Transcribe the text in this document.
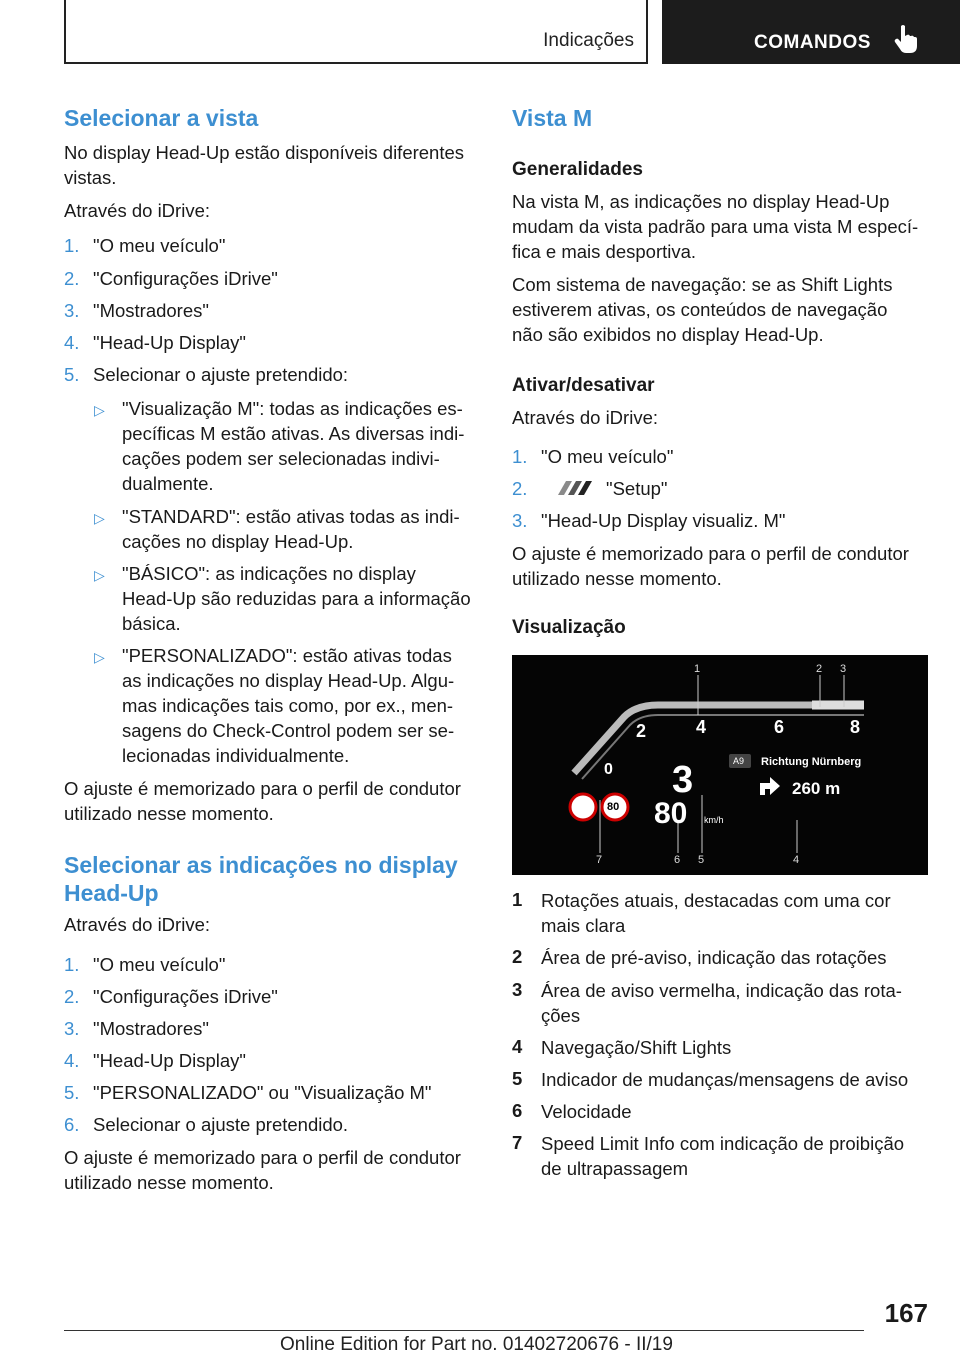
Indicações	COMANDOS
Selecionar a vista
No display Head-Up estão disponíveis diferentes
vistas.
Através do iDrive:
1. "O meu veículo"
2. "Configurações iDrive"
3. "Mostradores"
4. "Head-Up Display"
5. Selecionar o ajuste pretendido:
▷ "Visualização M": todas as indicações es-
pecíficas M estão ativas. As diversas indi-
cações podem ser selecionadas indivi-
dualmente.
▷ "STANDARD": estão ativas todas as indi-
cações no display Head-Up.
▷ "BÁSICO": as indicações no display
Head-Up são reduzidas para a informação
básica.
▷ "PERSONALIZADO": estão ativas todas
as indicações no display Head-Up. Algu-
mas indicações tais como, por ex., men-
sagens do Check-Control podem ser se-
lecionadas individualmente.
O ajuste é memorizado para o perfil de condutor
utilizado nesse momento.
Selecionar as indicações no display
Head-Up
Através do iDrive:
1. "O meu veículo"
2. "Configurações iDrive"
3. "Mostradores"
4. "Head-Up Display"
5. "PERSONALIZADO" ou "Visualização M"
6. Selecionar o ajuste pretendido.
O ajuste é memorizado para o perfil de condutor
utilizado nesse momento.
Vista M
Generalidades
Na vista M, as indicações no display Head-Up
mudam da vista padrão para uma vista M especí-
fica e mais desportiva.
Com sistema de navegação: se as Shift Lights
estiverem ativas, os conteúdos de navegação
não são exibidos no display Head-Up.
Ativar/desativar
Através do iDrive:
1. "O meu veículo"
2.	"Setup"
3. "Head-Up Display visualiz. M"
O ajuste é memorizado para o perfil de condutor
utilizado nesse momento.
Visualização
1 Rotações atuais, destacadas com uma cor
mais clara
2 Área de pré-aviso, indicação das rotações
3 Área de aviso vermelha, indicação das rota-
ções
4 Navegação/Shift Lights
5 Indicador de mudanças/mensagens de aviso
6 Velocidade
7 Speed Limit Info com indicação de proibição
de ultrapassagem
1	2 3
7	6 5	4
2	4	6	8
0 3
80 km/h
80
A9 Richtung Nürnberg
260 m
167
Online Edition for Part no. 01402720676 - II/19
